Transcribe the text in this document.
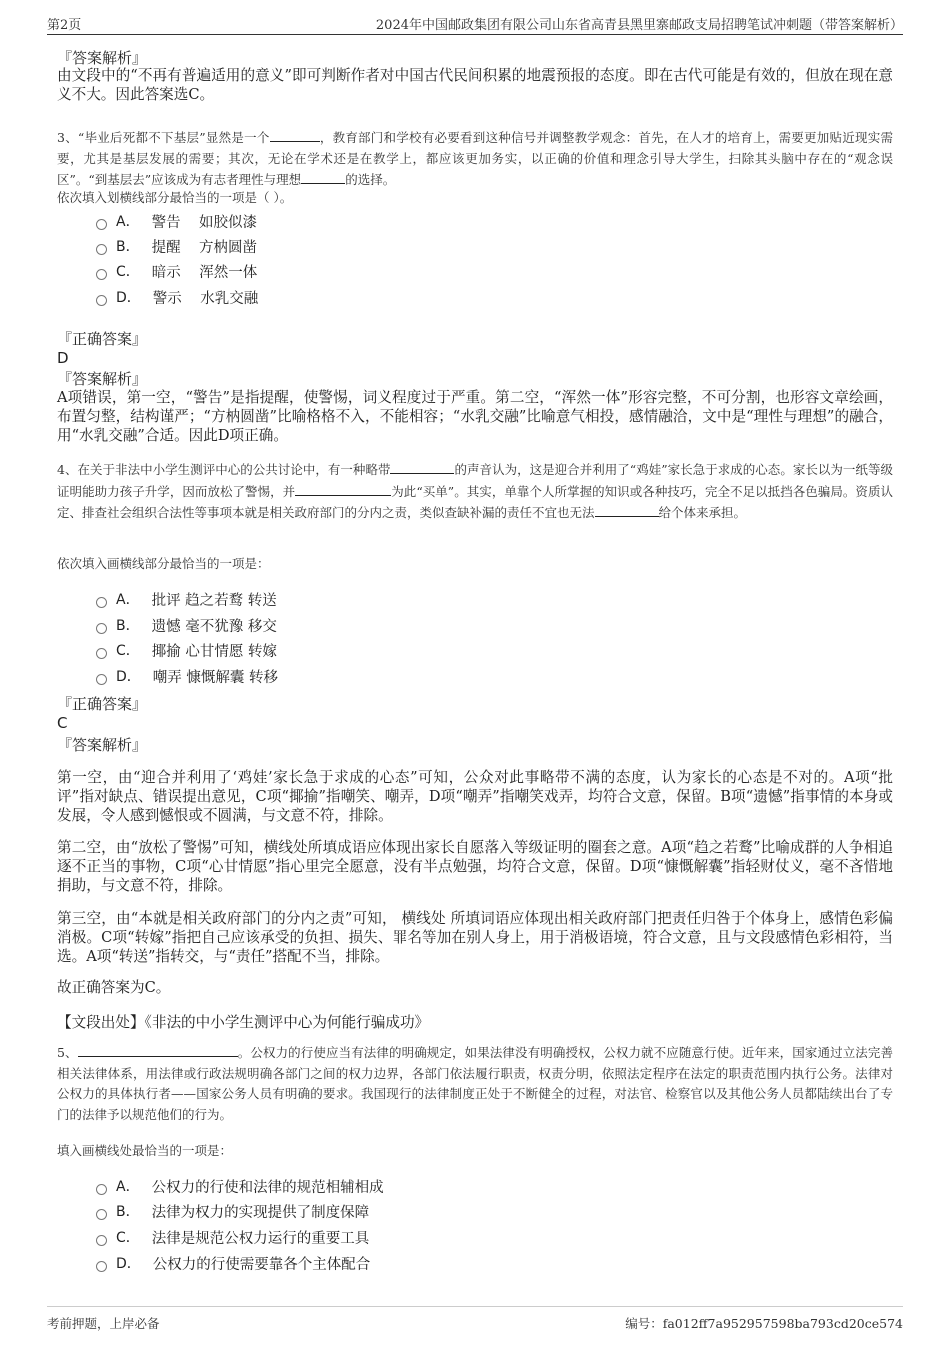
第2页	2024年中国邮政集团有限公司山东省高青县黑里寨邮政支局招聘笔试冲刺题（带答案解析）
『答案解析』
由文段中的“不再有普遍适用的意义”即可判断作者对中国古代民间积累的地震预报的态度。即在古代可能是有效的，但放在现在意义不大。因此答案选C。
3、“毕业后死都不下基层”显然是一个	，教育部门和学校有必要看到这种信号并调整教学观念：首先，在人才的培育上，需要更加贴近现实需要，尤其是基层发展的需要；其次，无论在学术还是在教学上，都应该更加务实，以正确的价值和理念引导大学生，扫除其头脑中存在的“观念误区”。“到基层去”应该成为有志者理性与理想	的选择。
依次填入划横线部分最恰当的一项是（ ）。
A． 警告    如胶似漆
B． 提醒    方枘圆凿
C． 暗示    浑然一体
D． 警示    水乳交融
『正确答案』
D
『答案解析』
A项错误，第一空，“警告”是指提醒，使警惕，词义程度过于严重。第二空，“浑然一体”形容完整，不可分割，也形容文章绘画，布置匀整，结构谨严；“方枘圆凿”比喻格格不入，不能相容；“水乳交融”比喻意气相投，感情融洽，文中是“理性与理想”的融合，用“水乳交融”合适。因此D项正确。
4、在关于非法中小学生测评中心的公共讨论中，有一种略带	的声音认为，这是迎合并利用了“鸡娃”家长急于求成的心态。家长以为一纸等级证明能助力孩子升学，因而放松了警惕，并	为此“买单”。其实，单靠个人所掌握的知识或各种技巧，完全不足以抵挡各色骗局。资质认定、排查社会组织合法性等事项本就是相关政府部门的分内之责，类似查缺补漏的责任不宜也无法	给个体来承担。
依次填入画横线部分最恰当的一项是：
A． 批评 趋之若鹜 转送
B． 遗憾 毫不犹豫 移交
C． 揶揄 心甘情愿 转嫁
D． 嘲弄 慷慨解囊 转移
『正确答案』
C
『答案解析』
第一空，由“迎合并利用了‘鸡娃’家长急于求成的心态”可知，公众对此事略带不满的态度，认为家长的心态是不对的。A项“批评”指对缺点、错误提出意见，C项“揶揄”指嘲笑、嘲弄，D项“嘲弄”指嘲笑戏弄，均符合文意，保留。B项“遗憾”指事情的本身或发展，令人感到憾恨或不圆满，与文意不符，排除。
第二空，由“放松了警惕”可知，横线处所填成语应体现出家长自愿落入等级证明的圈套之意。A项“趋之若鹜”比喻成群的人争相追逐不正当的事物，C项“心甘情愿”指心里完全愿意，没有半点勉强，均符合文意，保留。D项“慷慨解囊”指轻财仗义，毫不吝惜地捐助，与文意不符，排除。
第三空，由“本就是相关政府部门的分内之责”可知， 横线处 所填词语应体现出相关政府部门把责任归咎于个体身上，感情色彩偏消极。C项“转嫁”指把自己应该承受的负担、损失、罪名等加在别人身上，用于消极语境，符合文意，且与文段感情色彩相符，当选。A项“转送”指转交，与“责任”搭配不当，排除。
故正确答案为C。
【文段出处】《非法的中小学生测评中心为何能行骗成功》
5、	。公权力的行使应当有法律的明确规定，如果法律没有明确授权，公权力就不应随意行使。近年来，国家通过立法完善相关法律体系，用法律或行政法规明确各部门之间的权力边界，各部门依法履行职责，权责分明，依照法定程序在法定的职责范围内执行公务。法律对公权力的具体执行者——国家公务人员有明确的要求。我国现行的法律制度正处于不断健全的过程，对法官、检察官以及其他公务人员都陆续出台了专门的法律予以规范他们的行为。
填入画横线处最恰当的一项是：
A． 公权力的行使和法律的规范相辅相成
B． 法律为权力的实现提供了制度保障
C． 法律是规范公权力运行的重要工具
D． 公权力的行使需要靠各个主体配合
考前押题，上岸必备	编号：fa012ff7a952957598ba793cd20ce574
